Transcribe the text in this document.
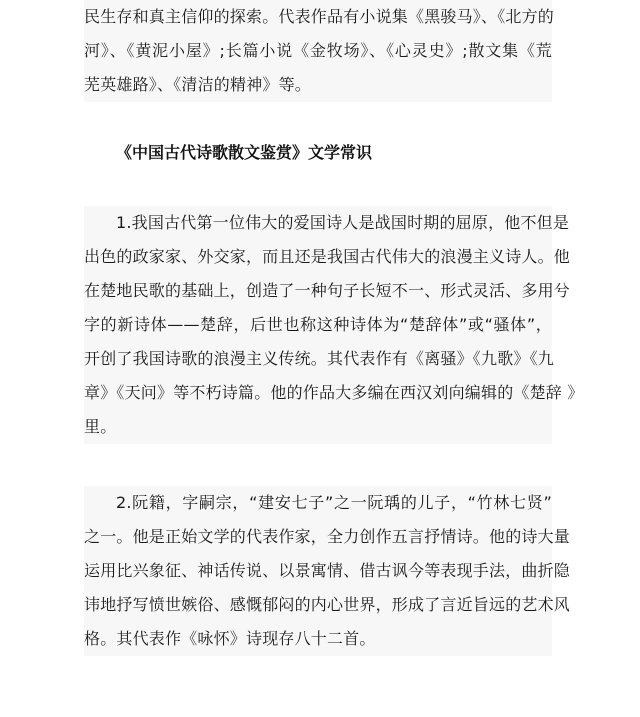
民生存和真主信仰的探索。代表作品有小说集《黑骏马》、《北方的
河》、《黄泥小屋》;长篇小说《金牧场》、《心灵史》;散文集《荒
芜英雄路》、《清洁的精神》等。
《中国古代诗歌散文鉴赏》文学常识
1.我国古代第一位伟大的爱国诗人是战国时期的屈原，他不但是
出色的政家家、外交家，而且还是我国古代伟大的浪漫主义诗人。他
在楚地民歌的基础上，创造了一种句子长短不一、形式灵活、多用兮
字的新诗体——楚辞，后世也称这种诗体为“楚辞体”或“骚体”，
开创了我国诗歌的浪漫主义传统。其代表作有《离骚》《九歌》《九
章》《天问》等不朽诗篇。他的作品大多编在西汉刘向编辑的《楚辞 》
里。
2.阮籍，字嗣宗，“建安七子”之一阮瑀的儿子，“竹林七贤”
之一。他是正始文学的代表作家，全力创作五言抒情诗。他的诗大量
运用比兴象征、神话传说、以景寓情、借古讽今等表现手法，曲折隐
讳地抒写愤世嫉俗、感慨郁闷的内心世界，形成了言近旨远的艺术风
格。其代表作《咏怀》诗现存八十二首。
